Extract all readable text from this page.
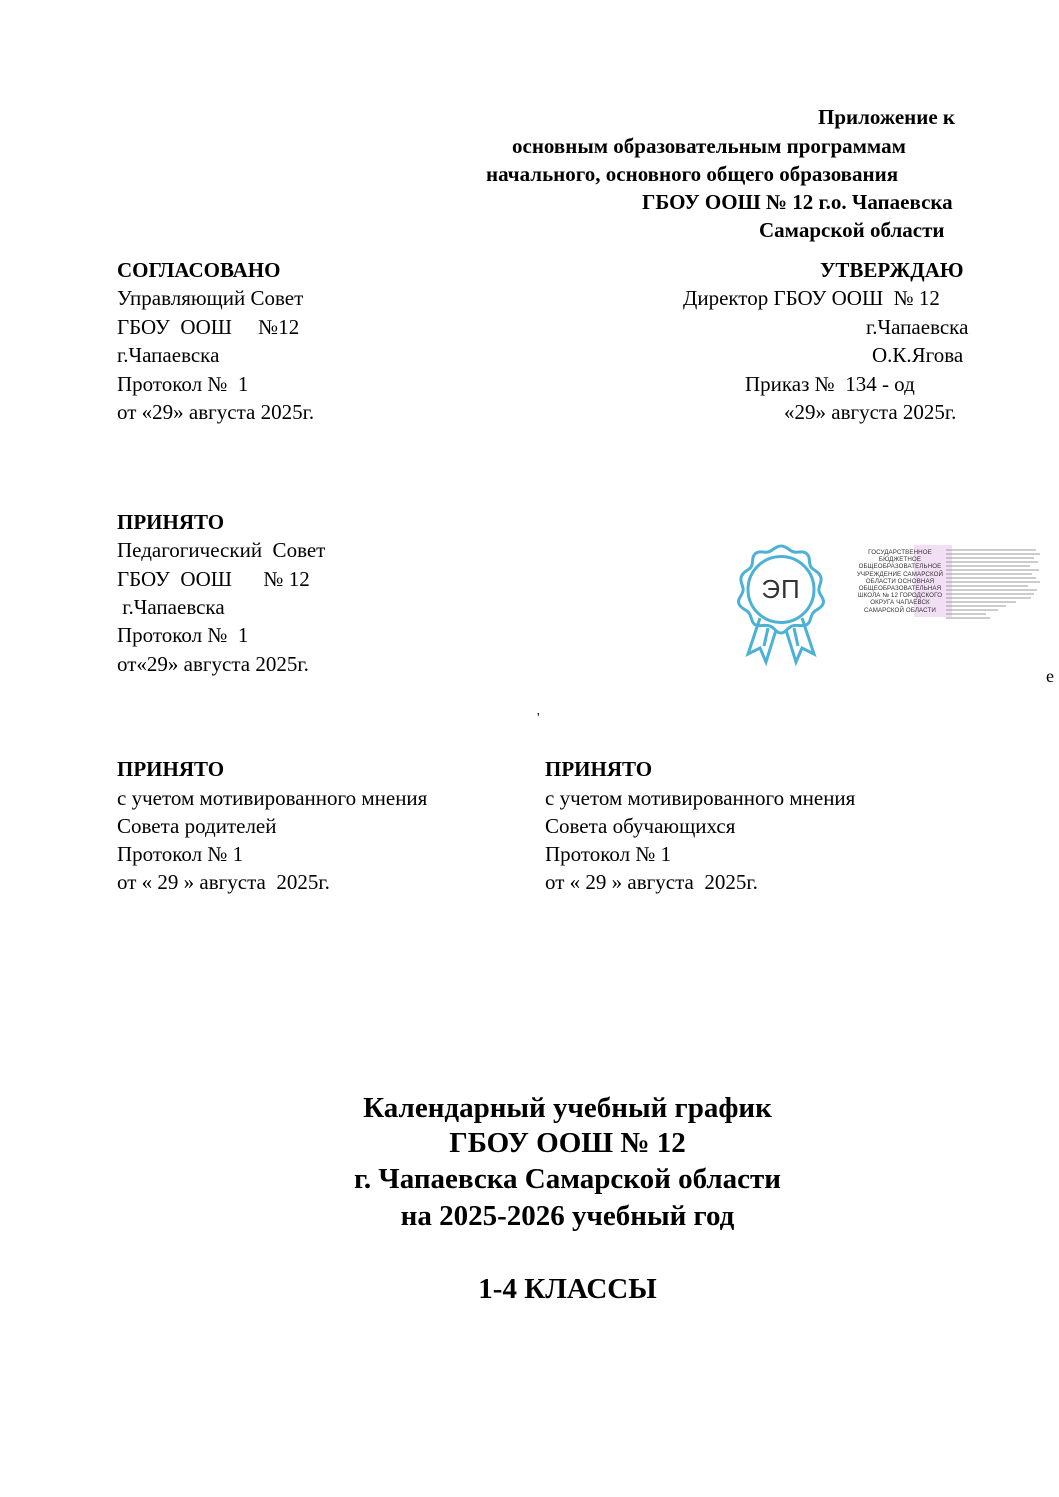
Приложение к
основным образовательным программам
начального, основного общего образования
ГБОУ ООШ № 12 г.о. Чапаевска
Самарской области
СОГЛАСОВАНО
Управляющий Совет
ГБОУ  ООШ     №12
г.Чапаевска
Протокол №  1
от «29» августа 2025г.
УТВЕРЖДАЮ
Директор ГБОУ ООШ  № 12
г.Чапаевска
О.К.Ягова
Приказ №  134 - од
«29» августа 2025г.
ПРИНЯТО
Педагогический  Совет
ГБОУ  ООШ      № 12
г.Чапаевска
Протокол №  1
от«29» августа 2025г.
ЭП
ГОСУДАРСТВЕННОЕ
БЮДЖЕТНОЕ
ОБЩЕОБРАЗОВАТЕЛЬНОЕ
УЧРЕЖДЕНИЕ САМАРСКОЙ
ОБЛАСТИ ОСНОВНАЯ
ОБЩЕОБРАЗОВАТЕЛЬНАЯ
ШКОЛА № 12 ГОРОДСКОГО
ОКРУГА ЧАПАЕВСК
САМАРСКОЙ ОБЛАСТИ
е
'
ПРИНЯТО
с учетом мотивированного мнения
Совета родителей
Протокол № 1
от « 29 » августа  2025г.
ПРИНЯТО
с учетом мотивированного мнения
Совета обучающихся
Протокол № 1
от « 29 » августа  2025г.
Календарный учебный график
ГБОУ ООШ № 12
г. Чапаевска Самарской области
на 2025-2026 учебный год
1-4 КЛАССЫ
